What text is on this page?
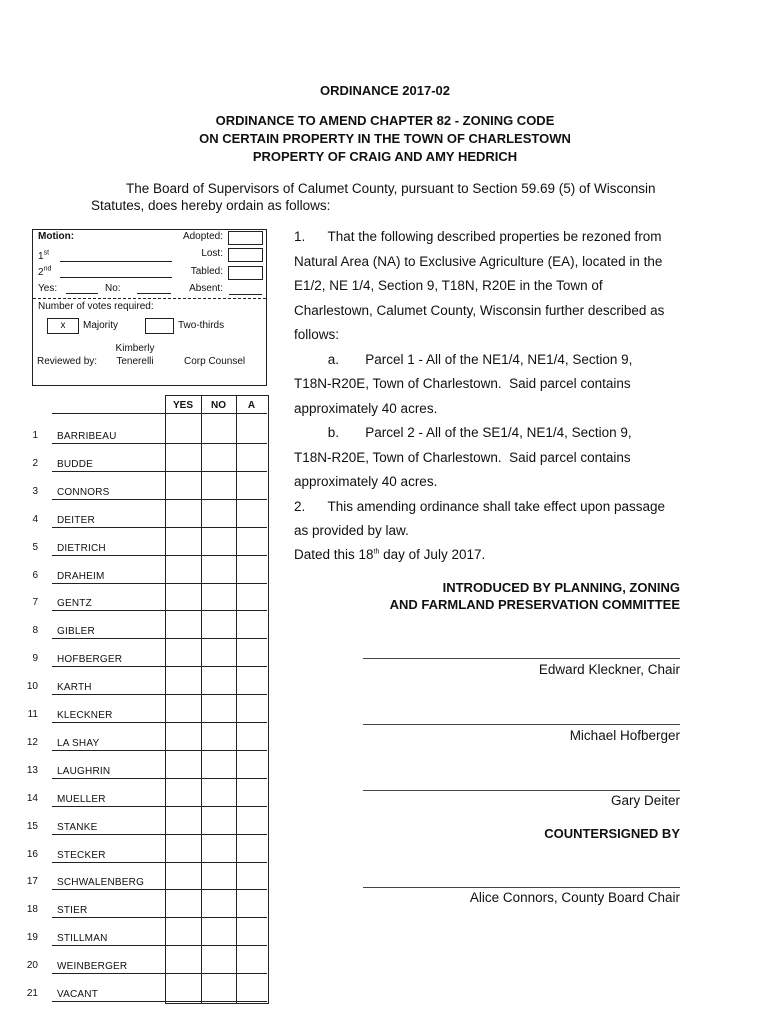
ORDINANCE 2017-02
ORDINANCE TO AMEND CHAPTER 82 - ZONING CODE
ON CERTAIN PROPERTY IN THE TOWN OF CHARLESTOWN
PROPERTY OF CRAIG AND AMY HEDRICH
The Board of Supervisors of Calumet County, pursuant to Section 59.69 (5) of Wisconsin
Statutes, does hereby ordain as follows:
Motion:
1st
2nd
Yes:	No:
Adopted:
Lost:
Tabled:
Absent:
Number of votes required:
x	Majority	Two-thirds
Kimberly
Reviewed by:	Tenerelli	Corp Counsel
YES	NO	A
1 BARRIBEAU
2 BUDDE
3 CONNORS
4 DEITER
5 DIETRICH
6 DRAHEIM
7 GENTZ
8 GIBLER
9 HOFBERGER
10 KARTH
11 KLECKNER
12 LA SHAY
13 LAUGHRIN
14 MUELLER
15 STANKE
16 STECKER
17 SCHWALENBERG
18 STIER
19 STILLMAN
20 WEINBERGER
21 VACANT
1.      That the following described properties be rezoned from
Natural Area (NA) to Exclusive Agriculture (EA), located in the
E1/2, NE 1/4, Section 9, T18N, R20E in the Town of
Charlestown, Calumet County, Wisconsin further described as
follows:
a.       Parcel 1 - All of the NE1/4, NE1/4, Section 9,
T18N-R20E, Town of Charlestown.  Said parcel contains
approximately 40 acres.
b.       Parcel 2 - All of the SE1/4, NE1/4, Section 9,
T18N-R20E, Town of Charlestown.  Said parcel contains
approximately 40 acres.
2.      This amending ordinance shall take effect upon passage
as provided by law.
Dated this 18th day of July 2017.
INTRODUCED BY PLANNING, ZONING
AND FARMLAND PRESERVATION COMMITTEE
Edward Kleckner, Chair
Michael Hofberger
Gary Deiter
COUNTERSIGNED BY
Alice Connors, County Board Chair
